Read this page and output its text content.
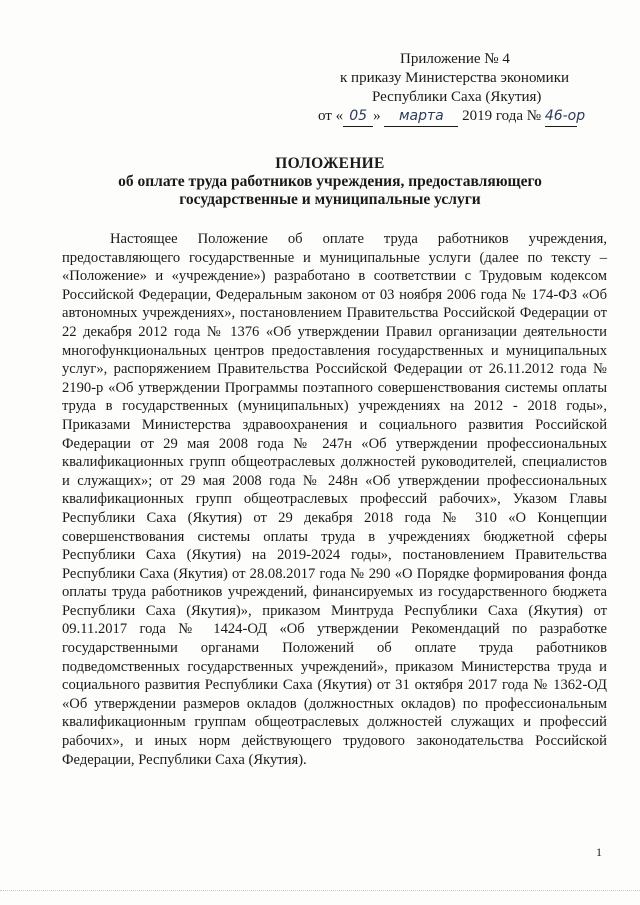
Приложение № 4
к приказу Министерства экономики
Республики Саха (Якутия)
от « 05 » марта 2019 года № 46-ор
ПОЛОЖЕНИЕ
об оплате труда работников учреждения, предоставляющего государственные и муниципальные услуги

Настоящее Положение об оплате труда работников учреждения, предоставляющего государственные и муниципальные услуги (далее по тексту – «Положение» и «учреждение») разработано в соответствии с Трудовым кодексом Российской Федерации, Федеральным законом от 03 ноября 2006 года № 174-ФЗ «Об автономных учреждениях», постановлением Правительства Российской Федерации от 22 декабря 2012 года № 1376 «Об утверждении Правил организации деятельности многофункциональных центров предоставления государственных и муниципальных услуг», распоряжением Правительства Российской Федерации от 26.11.2012 года № 2190-р «Об утверждении Программы поэтапного совершенствования системы оплаты труда в государственных (муниципальных) учреждениях на 2012 - 2018 годы», Приказами Министерства здравоохранения и социального развития Российской Федерации от 29 мая 2008 года № 247н «Об утверждении профессиональных квалификационных групп общеотраслевых должностей руководителей, специалистов и служащих»; от 29 мая 2008 года № 248н «Об утверждении профессиональных квалификационных групп общеотраслевых профессий рабочих», Указом Главы Республики Саха (Якутия) от 29 декабря 2018 года № 310 «О Концепции совершенствования системы оплаты труда в учреждениях бюджетной сферы Республики Саха (Якутия) на 2019-2024 годы», постановлением Правительства Республики Саха (Якутия) от 28.08.2017 года № 290 «О Порядке формирования фонда оплаты труда работников учреждений, финансируемых из государственного бюджета Республики Саха (Якутия)», приказом Минтруда Республики Саха (Якутия) от 09.11.2017 года № 1424-ОД «Об утверждении Рекомендаций по разработке государственными органами Положений об оплате труда работников подведомственных государственных учреждений», приказом Министерства труда и социального развития Республики Саха (Якутия) от 31 октября 2017 года № 1362-ОД «Об утверждении размеров окладов (должностных окладов) по профессиональным квалификационным группам общеотраслевых должностей служащих и профессий рабочих», и иных норм действующего трудового законодательства Российской Федерации, Республики Саха (Якутия).

1
